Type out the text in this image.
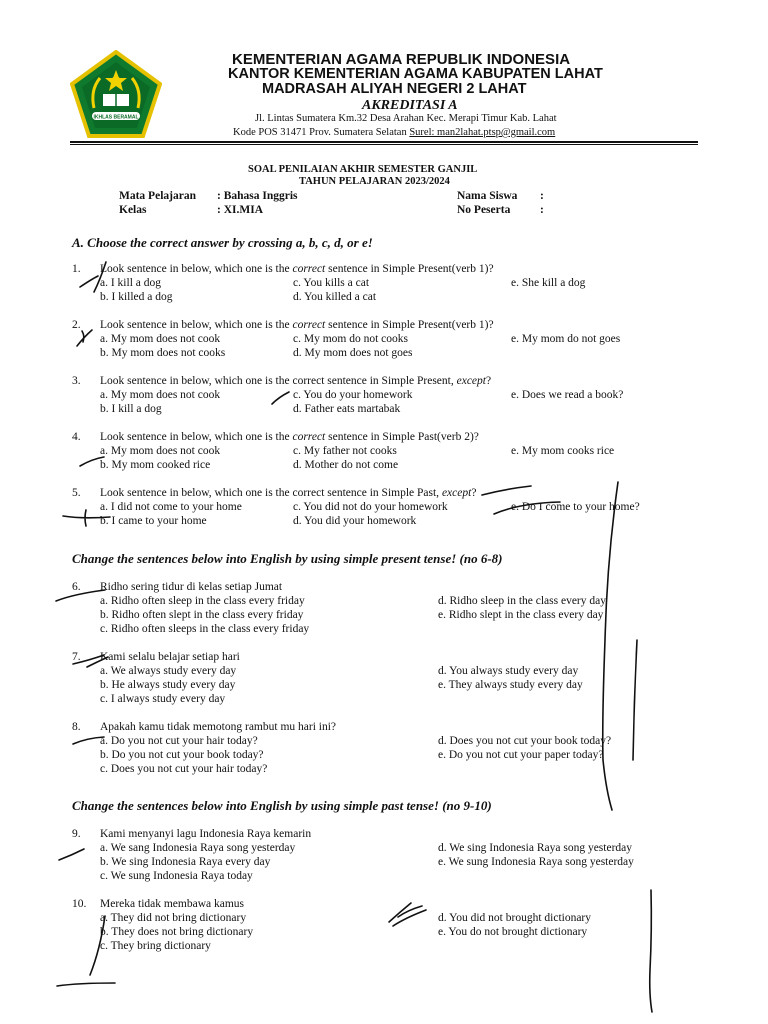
IKHLAS BERAMAL
KEMENTERIAN AGAMA REPUBLIK INDONESIA
KANTOR KEMENTERIAN AGAMA KABUPATEN LAHAT
MADRASAH ALIYAH NEGERI 2 LAHAT
AKREDITASI A
Jl. Lintas Sumatera Km.32 Desa Arahan Kec. Merapi Timur Kab. Lahat
Kode POS 31471 Prov. Sumatera Selatan Surel: man2lahat.ptsp@gmail.com
SOAL PENILAIAN AKHIR SEMESTER GANJIL
TAHUN PELAJARAN 2023/2024
Mata Pelajaran : Bahasa Inggris
Kelas	: XI.MIA
Nama Siswa :
No Peserta	:
A. Choose the correct answer by crossing a, b, c, d, or e!
1. Look sentence in below, which one is the correct sentence in Simple Present(verb 1)?
a. I kill a dog	c. You kills a cat	e. She kill a dog
b. I killed a dog	d. You killed a cat
2. Look sentence in below, which one is the correct sentence in Simple Present(verb 1)?
a. My mom does not cook	c. My mom do not cooks	e. My mom do not goes
b. My mom does not cooks	d. My mom does not goes
3. Look sentence in below, which one is the correct sentence in Simple Present, except?
a. My mom does not cook	c. You do your homework	e. Does we read a book?
b. I kill a dog	d. Father eats martabak
4. Look sentence in below, which one is the correct sentence in Simple Past(verb 2)?
a. My mom does not cook	c. My father not cooks	e. My mom cooks rice
b. My mom cooked rice	d. Mother do not come
5. Look sentence in below, which one is the correct sentence in Simple Past, except?
a. I did not come to your home	c. You did not do your homework	e. Do I come to your home?
b. I came to your home	d. You did your homework
Change the sentences below into English by using simple present tense! (no 6-8)
6. Ridho sering tidur di kelas setiap Jumat
a. Ridho often sleep in the class every friday
b. Ridho often slept in the class every friday
c. Ridho often sleeps in the class every friday
d. Ridho sleep in the class every day
e. Ridho slept in the class every day
7. Kami selalu belajar setiap hari
a. We always study every day
b. He always study every day
c. I always study every day
d. You always study every day
e. They always study every day
8. Apakah kamu tidak memotong rambut mu hari ini?
a. Do you not cut your hair today?
b. Do you not cut your book today?
c. Does you not cut your hair today?
d. Does you not cut your book today?
e. Do you not cut your paper today?
Change the sentences below into English by using simple past tense! (no 9-10)
9. Kami menyanyi lagu Indonesia Raya kemarin
a. We sang Indonesia Raya song yesterday
b. We sing Indonesia Raya every day
c. We sung Indonesia Raya today
d. We sing Indonesia Raya song yesterday
e. We sung Indonesia Raya song yesterday
10. Mereka tidak membawa kamus
a. They did not bring dictionary
b. They does not bring dictionary
c. They bring dictionary
d. You did not brought dictionary
e. You do not brought dictionary
